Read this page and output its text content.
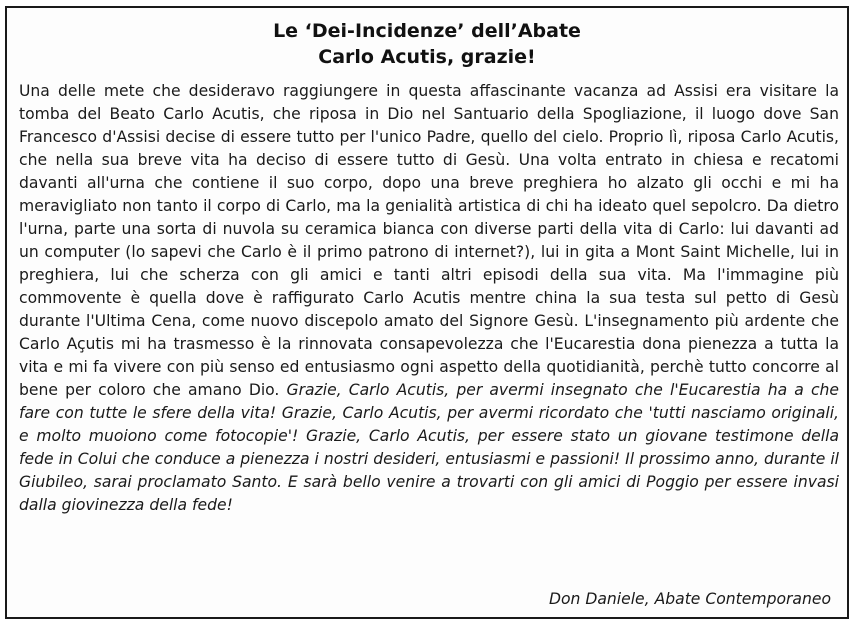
Le ‘Dei-Incidenze’ dell’Abate
Carlo Acutis, grazie!

Una delle mete che desideravo raggiungere in questa affascinante vacanza ad Assisi era visitare la tomba del Beato Carlo Acutis, che riposa in Dio nel Santuario della Spogliazione, il luogo dove San Francesco d'Assisi decise di essere tutto per l'unico Padre, quello del cielo. Proprio lì, riposa Carlo Acutis, che nella sua breve vita ha deciso di essere tutto di Gesù. Una volta entrato in chiesa e recatomi davanti all'urna che contiene il suo corpo, dopo una breve preghiera ho alzato gli occhi e mi ha meravigliato non tanto il corpo di Carlo, ma la genialità artistica di chi ha ideato quel sepolcro. Da dietro l'urna, parte una sorta di nuvola su ceramica bianca con diverse parti della vita di Carlo: lui davanti ad un computer (lo sapevi che Carlo è il primo patrono di internet?), lui in gita a Mont Saint Michelle, lui in preghiera, lui che scherza con gli amici e tanti altri episodi della sua vita. Ma l'immagine più commovente è quella dove è raffigurato Carlo Acutis mentre china la sua testa sul petto di Gesù durante l'Ultima Cena, come nuovo discepolo amato del Signore Gesù. L'insegnamento più ardente che Carlo Açutis mi ha trasmesso è la rinnovata consapevolezza che l'Eucarestia dona pienezza a tutta la vita e mi fa vivere con più senso ed entusiasmo ogni aspetto della quotidianità, perchè tutto concorre al bene per coloro che amano Dio. Grazie, Carlo Acutis, per avermi insegnato che l'Eucarestia ha a che fare con tutte le sfere della vita! Grazie, Carlo Acutis, per avermi ricordato che 'tutti nasciamo originali, e molto muoiono come fotocopie'! Grazie, Carlo Acutis, per essere stato un giovane testimone della fede in Colui che conduce a pienezza i nostri desideri, entusiasmi e passioni! Il prossimo anno, durante il Giubileo, sarai proclamato Santo. E sarà bello venire a trovarti con gli amici di Poggio per essere invasi dalla giovinezza della fede!

Don Daniele, Abate Contemporaneo
